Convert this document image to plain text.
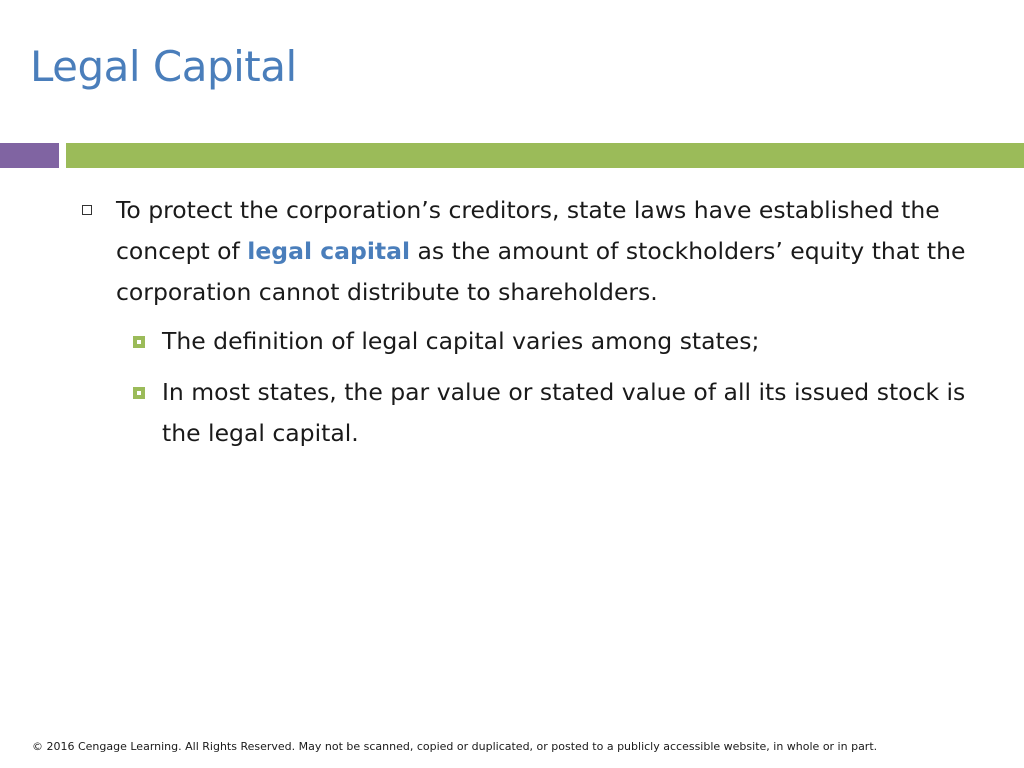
Legal Capital
To protect the corporation’s creditors, state laws have established the concept of legal capital as the amount of stockholders’ equity that the corporation cannot distribute to shareholders.
The definition of legal capital varies among states;
In most states, the par value or stated value of all its issued stock is the legal capital.
© 2016 Cengage Learning. All Rights Reserved. May not be scanned, copied or duplicated, or posted to a publicly accessible website, in whole or in part.
